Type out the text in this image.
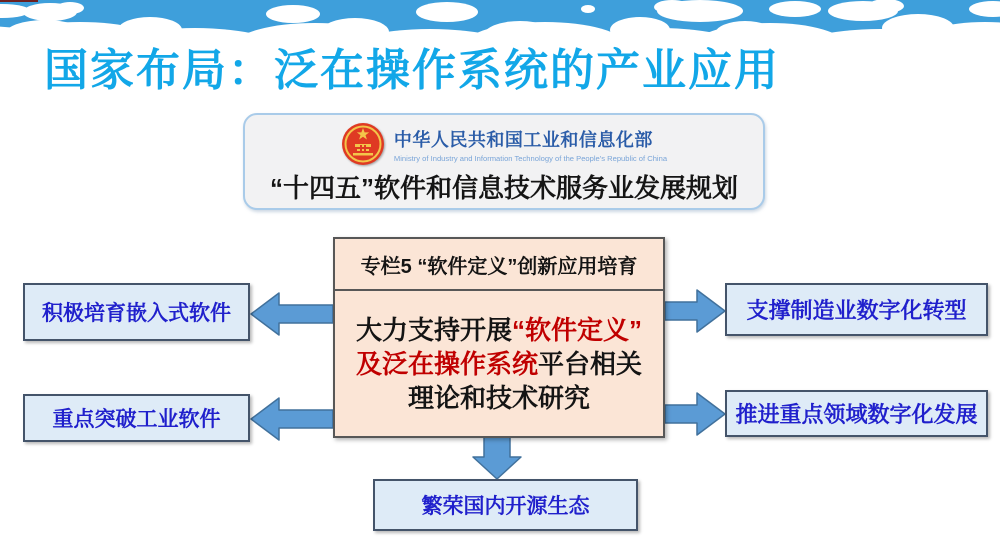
国家布局：泛在操作系统的产业应用
中华人民共和国工业和信息化部
Ministry of Industry and Information Technology of the People's Republic of China
“十四五”软件和信息技术服务业发展规划
专栏5 “软件定义”创新应用培育
大力支持开展“软件定义”
及泛在操作系统平台相关
理论和技术研究
积极培育嵌入式软件
重点突破工业软件
支撑制造业数字化转型
推进重点领域数字化发展
繁荣国内开源生态
